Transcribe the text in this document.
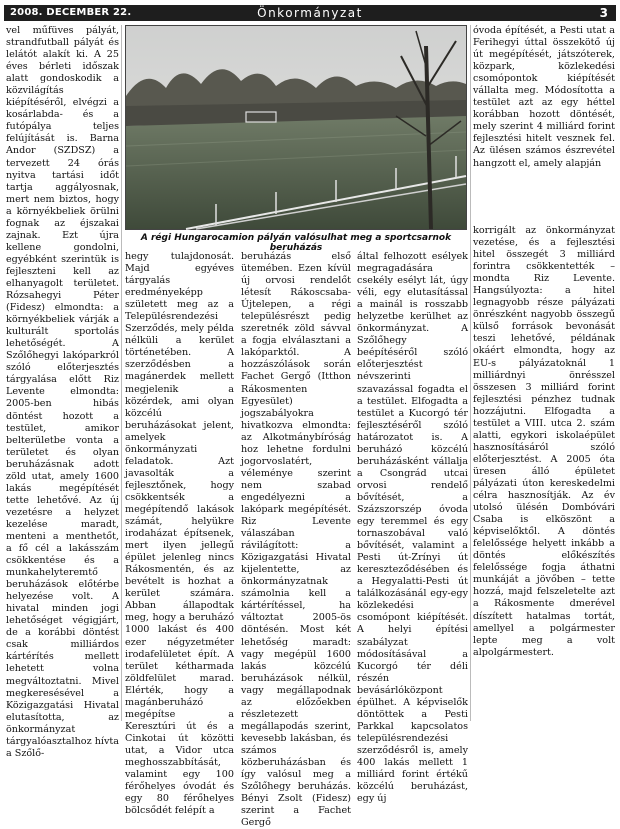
2008. DECEMBER 22.	Önkormányzat	3

vel műfüves pályát, strandfutball pályát és lelátót alakít ki. A 25 éves bérleti időszak alatt gondoskodik a közvilágítás kiépítéséről, elvégzi a kosárlabda- és a futópálya teljes felújítását is. Barna Andor (SZDSZ) a tervezett 24 órás nyitva tartási időt tartja aggályosnak, mert nem biztos, hogy a környékbeliek örülni fognak az éjszakai zajnak. Ezt újra kellene gondolni, egyébként szerintük is fejleszteni kell az elhanyagolt területet. Rózsahegyi Péter (Fidesz) elmondta: a környékbeliek várják a kulturált sportolás lehetőségét. A Szőlőhegyi lakóparkról szóló előterjesztés tárgyalása előtt Riz Levente elmondta: 2005-ben hibás döntést hozott a testület, amikor belterületbe vonta a területet és olyan beruházásnak adott zöld utat, amely 1600 lakás megépítését tette lehetővé. Az új vezetésre a helyzet kezelése maradt, menteni a menthetőt, a fő cél a lakásszám csökkentése és a munkahelyteremtő beruházások előtérbe helyezése volt. A hivatal minden jogi lehetőséget végigjárt, de a korábbi döntést csak milliárdos kártérítés mellett lehetett volna megváltoztatni. Mivel megkeresésével a Közigazgatási Hivatal elutasította, az önkormányzat tárgyalóasztalhoz hívta a Szőlő-

A régi Hungarocamion pályán valósulhat meg a sportcsarnok beruházás

hegy tulajdonosát. Majd egyéves tárgyalás eredményeképp született meg az a Településrendezési Szerződés, mely példa nélküli a kerület történetében. A szerződésben a magánerdek mellett megjelenik a közérdek, ami olyan közcélú beruházásokat jelent, amelyek önkormányzati feladatok. Azt javasolták a fejlesztőnek, hogy csökkentsék a megépítendő lakások számát, helyükre irodaházat építsenek, mert ilyen jellegű épület jelenleg nincs Rákosmentén, és az bevételt is hozhat a kerület számára. Abban állapodtak meg, hogy a beruházó 1000 lakást és 400 ezer négyzetméter irodafelületet épít. A terület kétharmada zöldfelület marad. Elérték, hogy a magánberuházó megépítse a Keresztúri út és a Cinkotai út közötti utat, a Vidor utca meghosszabbítását, valamint egy 100 férőhelyes óvodát és egy 80 férőhelyes bölcsődét felépít a

beruházás első ütemében. Ezen kívül új orvosi rendelőt létesít Rákoscsaba-Újtelepen, a régi településrészt pedig szeretnék zöld sávval a fogja elválasztani a lakóparktól. A hozzászólások során Fachet Gergő (Itthon Rákosmenten Egyesület) jogszabályokra hivatkozva elmondta: az Alkotmánybíróság hoz lehetne fordulni jogorvoslatért, véleménye szerint nem szabad engedélyezni a lakópark megépítését. Riz Levente válaszában rávilágított: a Közigazgatási Hivatal kijelentette, az önkormányzatnak számolnia kell a kártérítéssel, ha változtat 2005-ös döntésén. Most két lehetőség maradt: vagy megépül 1600 lakás közcélú beruházások nélkül, vagy megállapodnak az előzőekben részletezett megállapodás szerint, kevesebb lakásban, és számos közberuházásban és így valósul meg a Szőlőhegy beruházás. Bényi Zsolt (Fidesz) szerint a Fachet Gergő

által felhozott esélyek megragadására csekély esélyt lát, úgy véli, egy elutasítással a mainál is rosszabb helyzetbe kerülhet az önkormányzat. A Szőlőhegy beépítéséről szóló előterjesztést névszerinti szavazással fogadta el a testület. Elfogadta a testület a Kucorgó tér fejlesztéséről szóló határozatot is. A beruházó közcélú beruházásként vállalja a Csongrád utcai orvosi rendelő bővítését, a Százszorszép óvoda egy teremmel és egy tornaszobával való bővítését, valamint a Pesti út-Zrínyi út kereszteződésében és a Hegyalatti-Pesti út találkozásánál egy-egy közlekedési csomópont kiépítését. A helyi építési szabályzat módosításával a Kucorgó tér déli részén bevásárlóközpont épülhet. A képviselők döntöttek a Pesti Parkkal kapcsolatos településrendezési szerződésről is, amely 400 lakás mellett 1 milliárd forint értékű közcélú beruházást, egy új

óvoda építését, a Pesti utat a Ferihegyi úttal összekötő új út megépítését, játszóterek, közpark, közlekedési csomópontok kiépítését vállalta meg. Módosította a testület azt az egy héttel korábban hozott döntését, mely szerint 4 milliárd forint fejlesztési hitelt vesznek fel. Az ülésen számos észrevétel hangzott el, amely alapján

korrigált az önkormányzat vezetése, és a fejlesztési hitel összegét 3 milliárd forintra csökkentették – mondta Riz Levente. Hangsúlyozta: a hitel legnagyobb része pályázati önrészként nagyobb összegű külső források bevonását teszi lehetővé, példának okáért elmondta, hogy az EU-s pályázatoknál 1 milliárdnyi önrésszel összesen 3 milliárd forint fejlesztési pénzhez tudnak hozzájutni. Elfogadta a testület a VIII. utca 2. szám alatti, egykori iskolaépület hasznosításáról szóló előterjesztést. A 2005 óta üresen álló épületet pályázati úton kereskedelmi célra hasznosítják. Az év utolsó ülésén Dombóvári Csaba is elköszönt a képviselőktől. A döntés felelőssége helyett inkább a döntés előkészítés felelőssége fogja áthatni munkáját a jövőben – tette hozzá, majd felszeletelte azt a Rákosmente dmerével díszített hatalmas tortát, amellyel a polgármester lepte meg a volt alpolgármestert.
